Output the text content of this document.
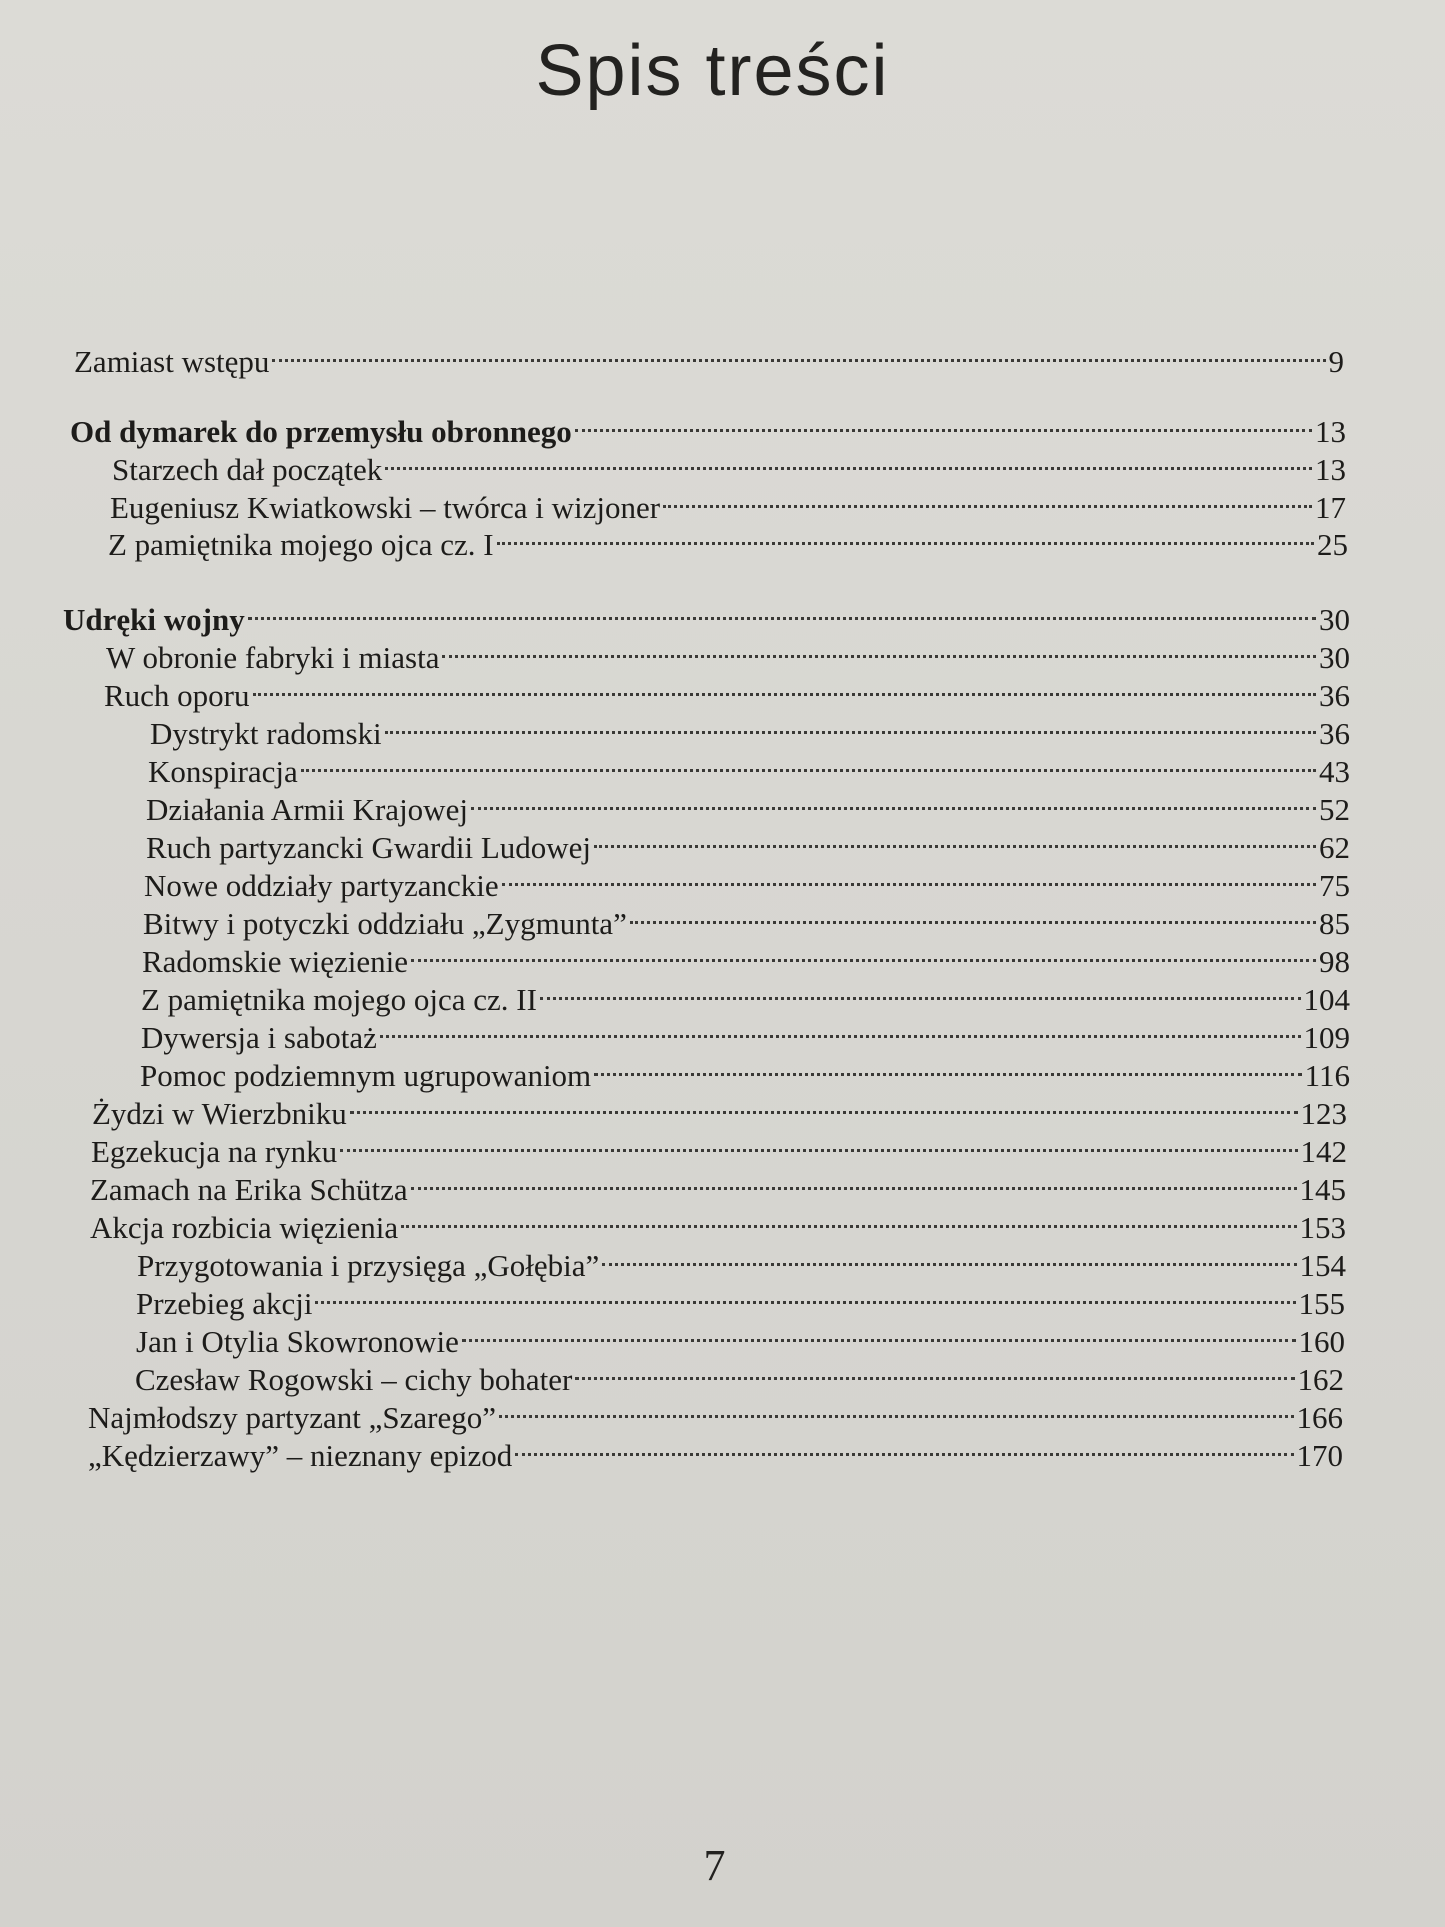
Spis treści
Zamiast wstępu	9
Od dymarek do przemysłu obronnego	13
Starzech dał początek	13
Eugeniusz Kwiatkowski – twórca i wizjoner	17
Z pamiętnika mojego ojca cz. I	25
Udręki wojny	30
W obronie fabryki i miasta	30
Ruch oporu	36
Dystrykt radomski	36
Konspiracja	43
Działania Armii Krajowej	52
Ruch partyzancki Gwardii Ludowej	62
Nowe oddziały partyzanckie	75
Bitwy i potyczki oddziału „Zygmunta”	85
Radomskie więzienie	98
Z pamiętnika mojego ojca cz. II	104
Dywersja i sabotaż	109
Pomoc podziemnym ugrupowaniom	116
Żydzi w Wierzbniku	123
Egzekucja na rynku	142
Zamach na Erika Schütza	145
Akcja rozbicia więzienia	153
Przygotowania i przysięga „Gołębia”	154
Przebieg akcji	155
Jan i Otylia Skowronowie	160
Czesław Rogowski – cichy bohater	162
Najmłodszy partyzant „Szarego”	166
„Kędzierzawy” – nieznany epizod	170
7
